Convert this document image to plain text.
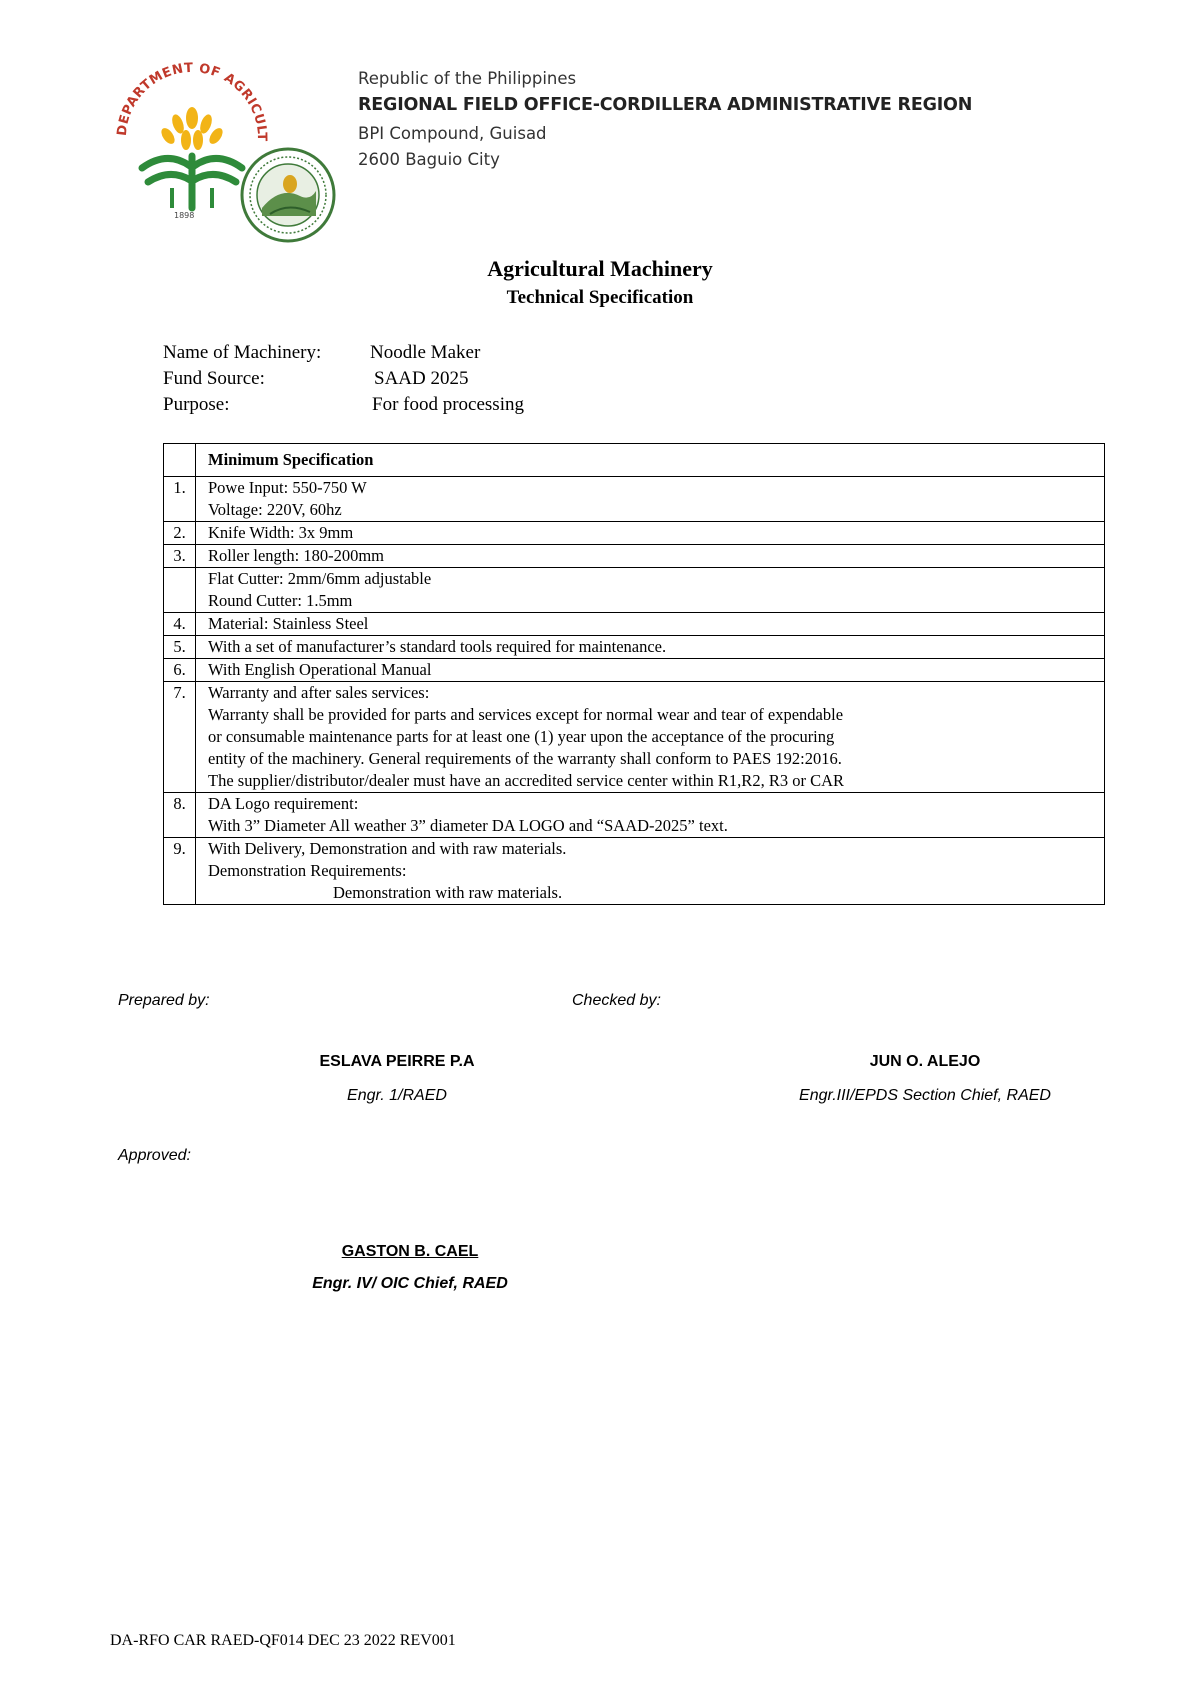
DEPARTMENT OF AGRICULT
1898
Republic of the Philippines
REGIONAL FIELD OFFICE-CORDILLERA ADMINISTRATIVE REGION
BPI Compound, Guisad
2600 Baguio City
Agricultural Machinery
Technical Specification
Name of Machinery:	Noodle Maker
Fund Source:	SAAD 2025
Purpose:	For food processing
	Minimum Specification
1.	Powe Input: 550-750 W
Voltage: 220V, 60hz

2.	Knife Width: 3x 9mm

3.	Roller length: 180-200mm

	Flat Cutter: 2mm/6mm adjustable
Round Cutter: 1.5mm

4.	Material: Stainless Steel

5.	With a set of manufacturer’s standard tools required for maintenance.

6.	With English Operational Manual

7.	Warranty and after sales services:
Warranty shall be provided for parts and services except for normal wear and tear of expendable
or consumable maintenance parts for at least one (1) year upon the acceptance of the procuring
entity of the machinery. General requirements of the warranty shall conform to PAES 192:2016.
The supplier/distributor/dealer must have an accredited service center within R1,R2, R3 or CAR

8.	DA Logo requirement:
With 3” Diameter All weather 3” diameter DA LOGO and “SAAD-2025” text.

9.	With Delivery, Demonstration and with raw materials.
Demonstration Requirements:
Demonstration with raw materials.
Prepared by:	Checked by:
ESLAVA PEIRRE P.A
Engr. 1/RAED
JUN O. ALEJO
Engr.III/EPDS Section Chief, RAED
Approved:
GASTON B. CAEL
Engr. IV/ OIC Chief, RAED
DA-RFO CAR RAED-QF014 DEC 23 2022 REV001
